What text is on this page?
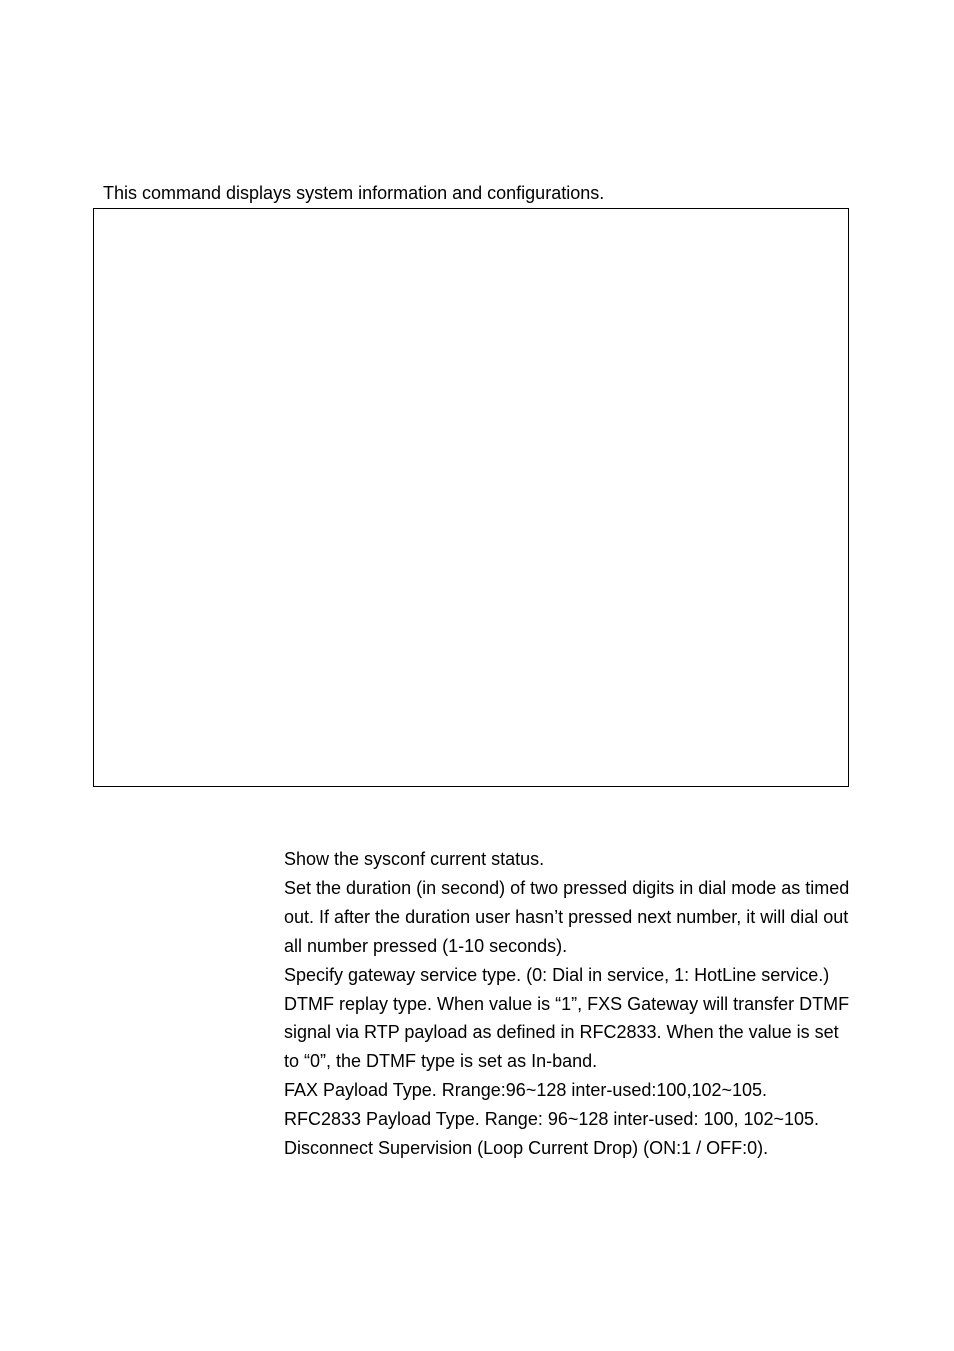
This command displays system information and configurations.
Show the sysconf current status.
Set the duration (in second) of two pressed digits in dial mode as timed out. If after the duration user hasn’t pressed next number, it will dial out all number pressed (1-10 seconds).
Specify gateway service type. (0: Dial in service, 1: HotLine service.)
DTMF replay type. When value is “1”, FXS Gateway will transfer DTMF signal via RTP payload as defined in RFC2833. When the value is set to “0”, the DTMF type is set as In-band.
FAX Payload Type. Rrange:96~128 inter-used:100,102~105.
RFC2833 Payload Type. Range: 96~128 inter-used: 100, 102~105.
Disconnect Supervision (Loop Current Drop) (ON:1 / OFF:0).
